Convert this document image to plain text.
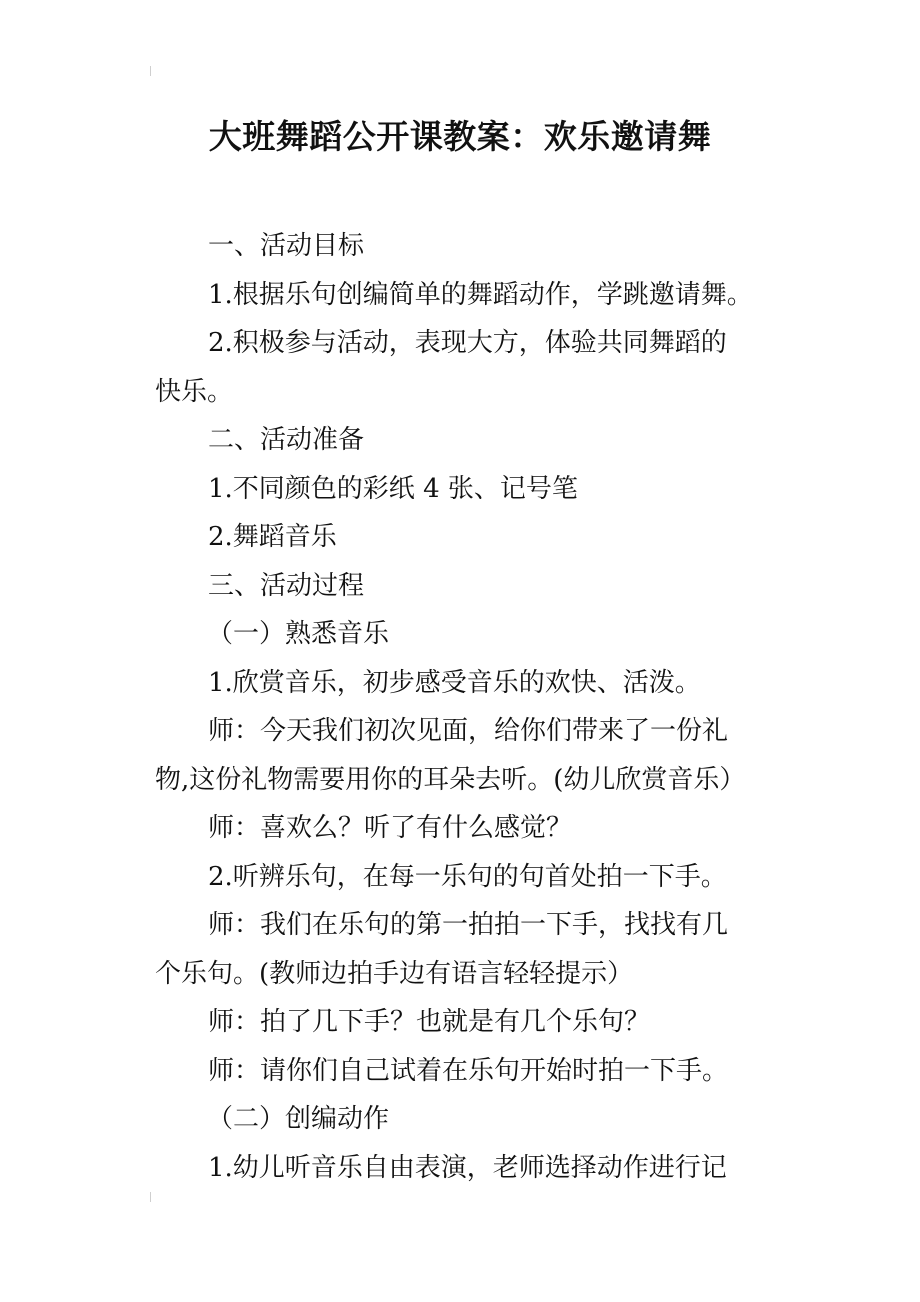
大班舞蹈公开课教案：欢乐邀请舞

一、活动目标

1.根据乐句创编简单的舞蹈动作，学跳邀请舞。

2.积极参与活动，表现大方，体验共同舞蹈的

快乐。

二、活动准备

1.不同颜色的彩纸 4 张、记号笔

2.舞蹈音乐

三、活动过程

（一）熟悉音乐

1.欣赏音乐，初步感受音乐的欢快、活泼。

师：今天我们初次见面，给你们带来了一份礼

物,这份礼物需要用你的耳朵去听。(幼儿欣赏音乐）

师：喜欢么？听了有什么感觉？

2.听辨乐句，在每一乐句的句首处拍一下手。

师：我们在乐句的第一拍拍一下手，找找有几

个乐句。(教师边拍手边有语言轻轻提示）

师：拍了几下手？也就是有几个乐句？

师：请你们自己试着在乐句开始时拍一下手。

（二）创编动作

1.幼儿听音乐自由表演，老师选择动作进行记
